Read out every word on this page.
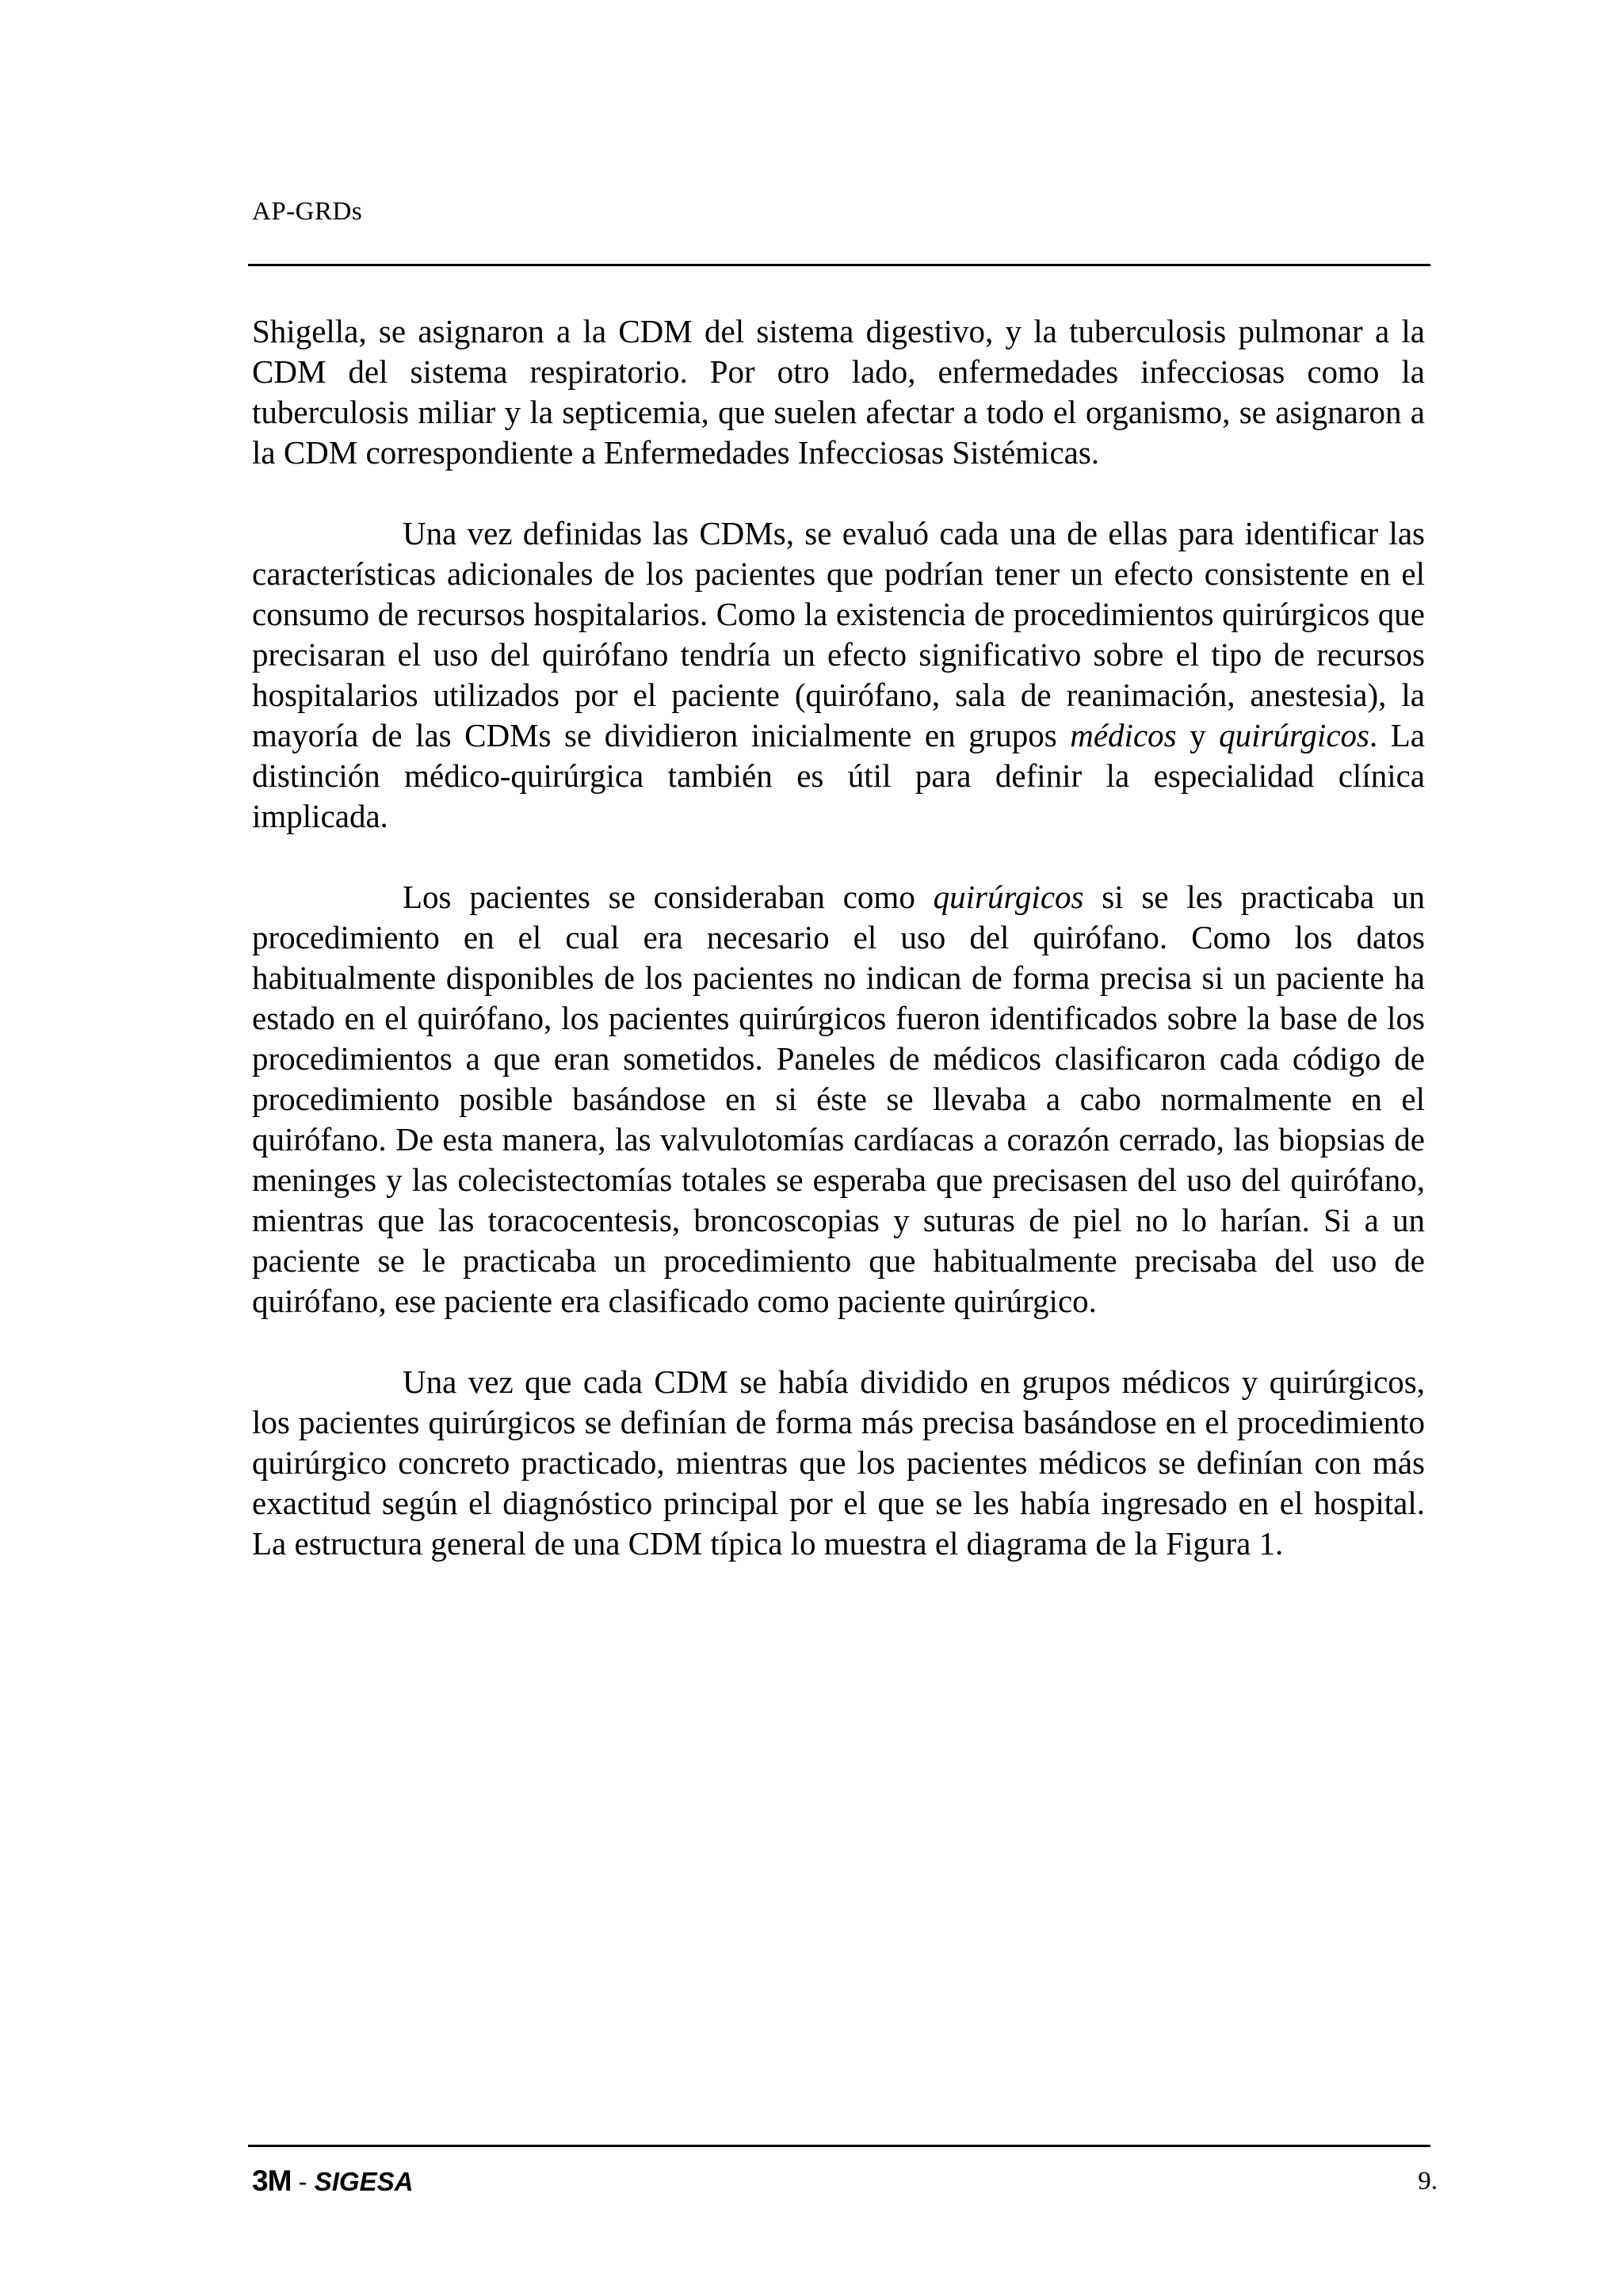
AP-GRDs

Shigella, se asignaron a la CDM del sistema digestivo, y la tuberculosis pulmonar a la CDM del sistema respiratorio. Por otro lado, enfermedades infecciosas como la tuberculosis miliar y la septicemia, que suelen afectar a todo el organismo, se asignaron a la CDM correspondiente a Enfermedades Infecciosas Sistémicas.

Una vez definidas las CDMs, se evaluó cada una de ellas para identificar las características adicionales de los pacientes que podrían tener un efecto consistente en el consumo de recursos hospitalarios. Como la existencia de procedimientos quirúrgicos que precisaran el uso del quirófano tendría un efecto significativo sobre el tipo de recursos hospitalarios utilizados por el paciente (quirófano, sala de reanimación, anestesia), la mayoría de las CDMs se dividieron inicialmente en grupos médicos y quirúrgicos. La distinción médico-quirúrgica también es útil para definir la especialidad clínica implicada.

Los pacientes se consideraban como quirúrgicos si se les practicaba un procedimiento en el cual era necesario el uso del quirófano. Como los datos habitualmente disponibles de los pacientes no indican de forma precisa si un paciente ha estado en el quirófano, los pacientes quirúrgicos fueron identificados sobre la base de los procedimientos a que eran sometidos. Paneles de médicos clasificaron cada código de procedimiento posible basándose en si éste se llevaba a cabo normalmente en el quirófano. De esta manera, las valvulotomías cardíacas a corazón cerrado, las biopsias de meninges y las colecistectomías totales se esperaba que precisasen del uso del quirófano, mientras que las toracocentesis, broncoscopias y suturas de piel no lo harían. Si a un paciente se le practicaba un procedimiento que habitualmente precisaba del uso de quirófano, ese paciente era clasificado como paciente quirúrgico.

Una vez que cada CDM se había dividido en grupos médicos y quirúrgicos, los pacientes quirúrgicos se definían de forma más precisa basándose en el procedimiento quirúrgico concreto practicado, mientras que los pacientes médicos se definían con más exactitud según el diagnóstico principal por el que se les había ingresado en el hospital. La estructura general de una CDM típica lo muestra el diagrama de la Figura 1.

3M - SIGESA	9.
